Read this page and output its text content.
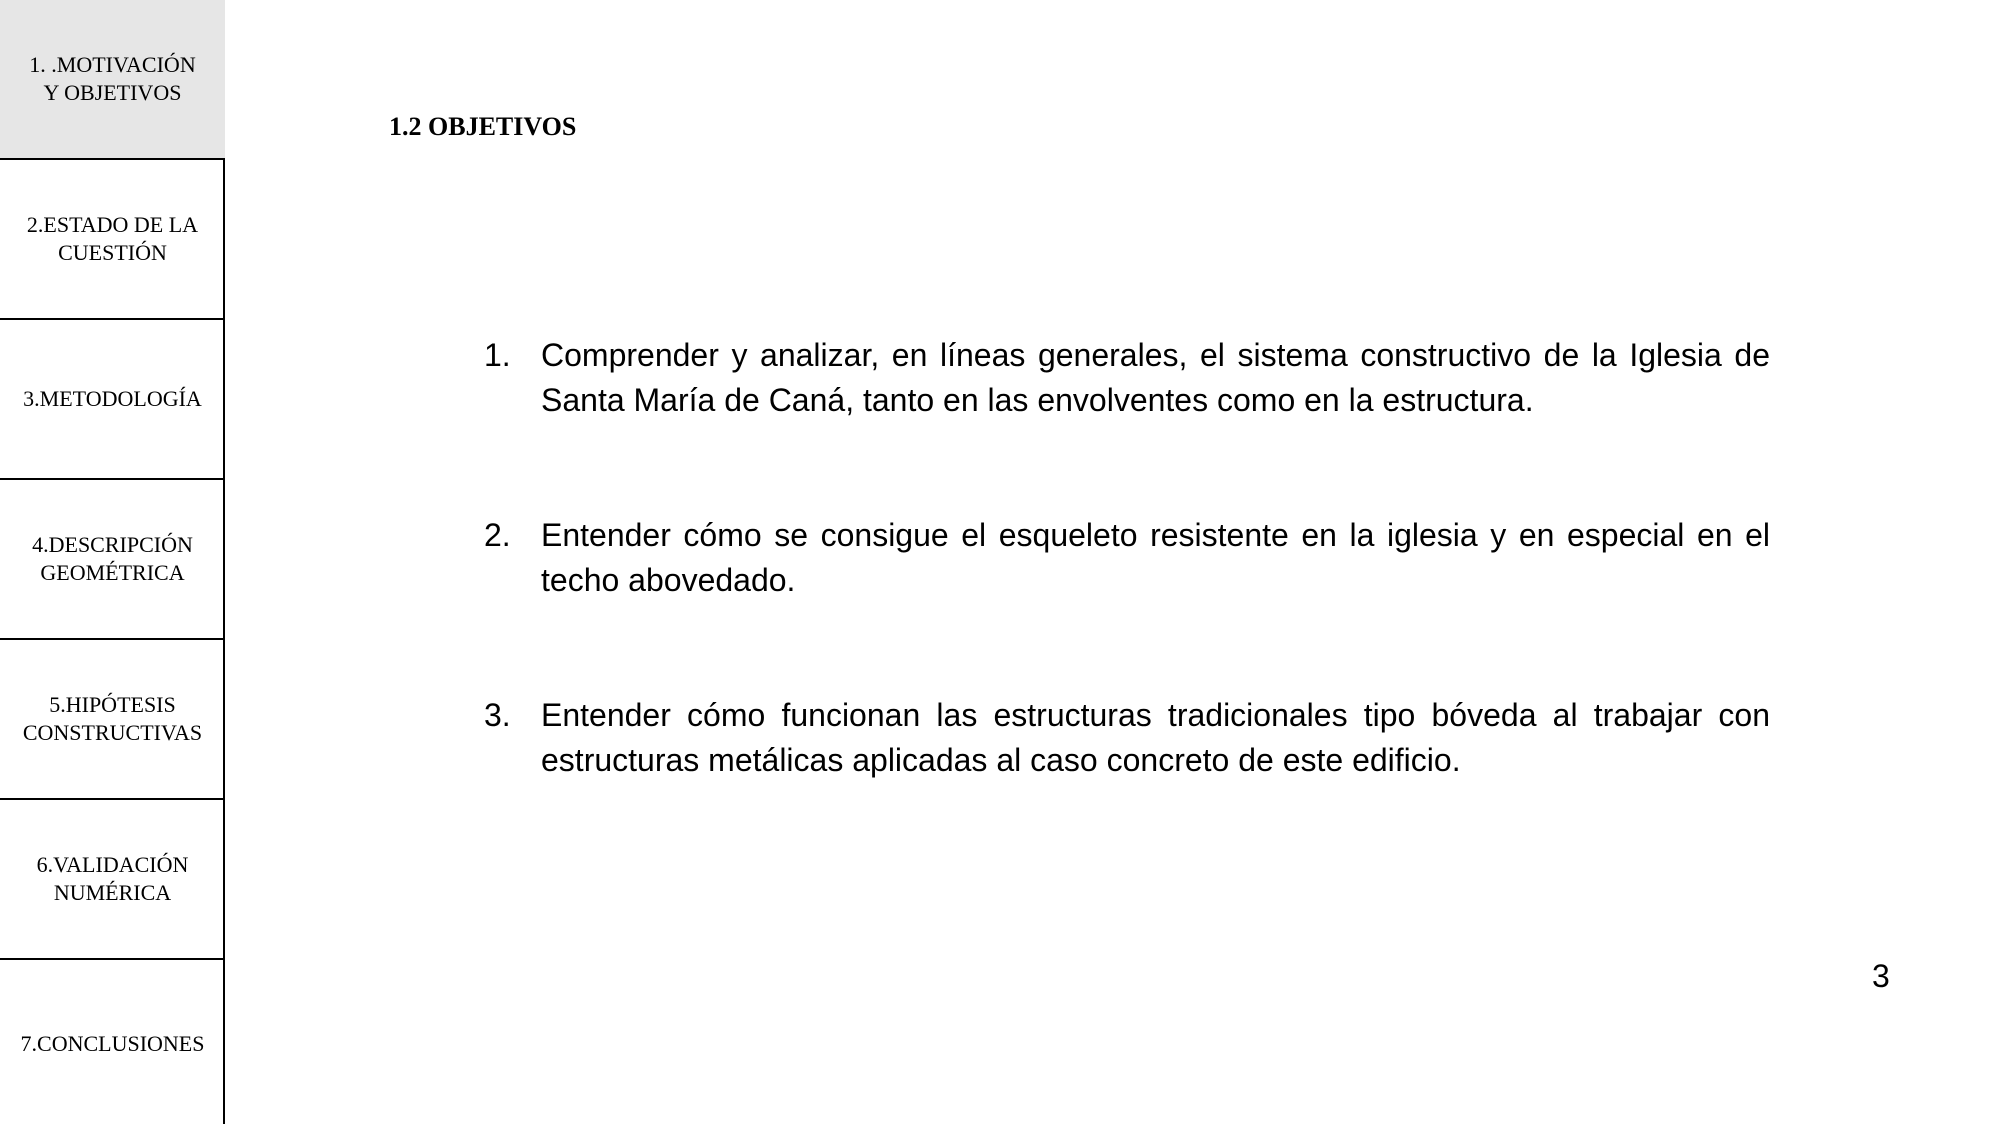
1. .MOTIVACIÓN
Y OBJETIVOS
2.ESTADO DE LA
CUESTIÓN
3.METODOLOGÍA
4.DESCRIPCIÓN
GEOMÉTRICA
5.HIPÓTESIS
CONSTRUCTIVAS
6.VALIDACIÓN
NUMÉRICA
7.CONCLUSIONES
1.2 OBJETIVOS
1. Comprender y analizar, en líneas generales, el sistema constructivo de la Iglesia de Santa María de Caná, tanto en las envolventes como en la estructura.
2. Entender cómo se consigue el esqueleto resistente en la iglesia y en especial en el techo abovedado.
3. Entender cómo funcionan las estructuras tradicionales tipo bóveda al trabajar con estructuras metálicas aplicadas al caso concreto de este edificio.
3
